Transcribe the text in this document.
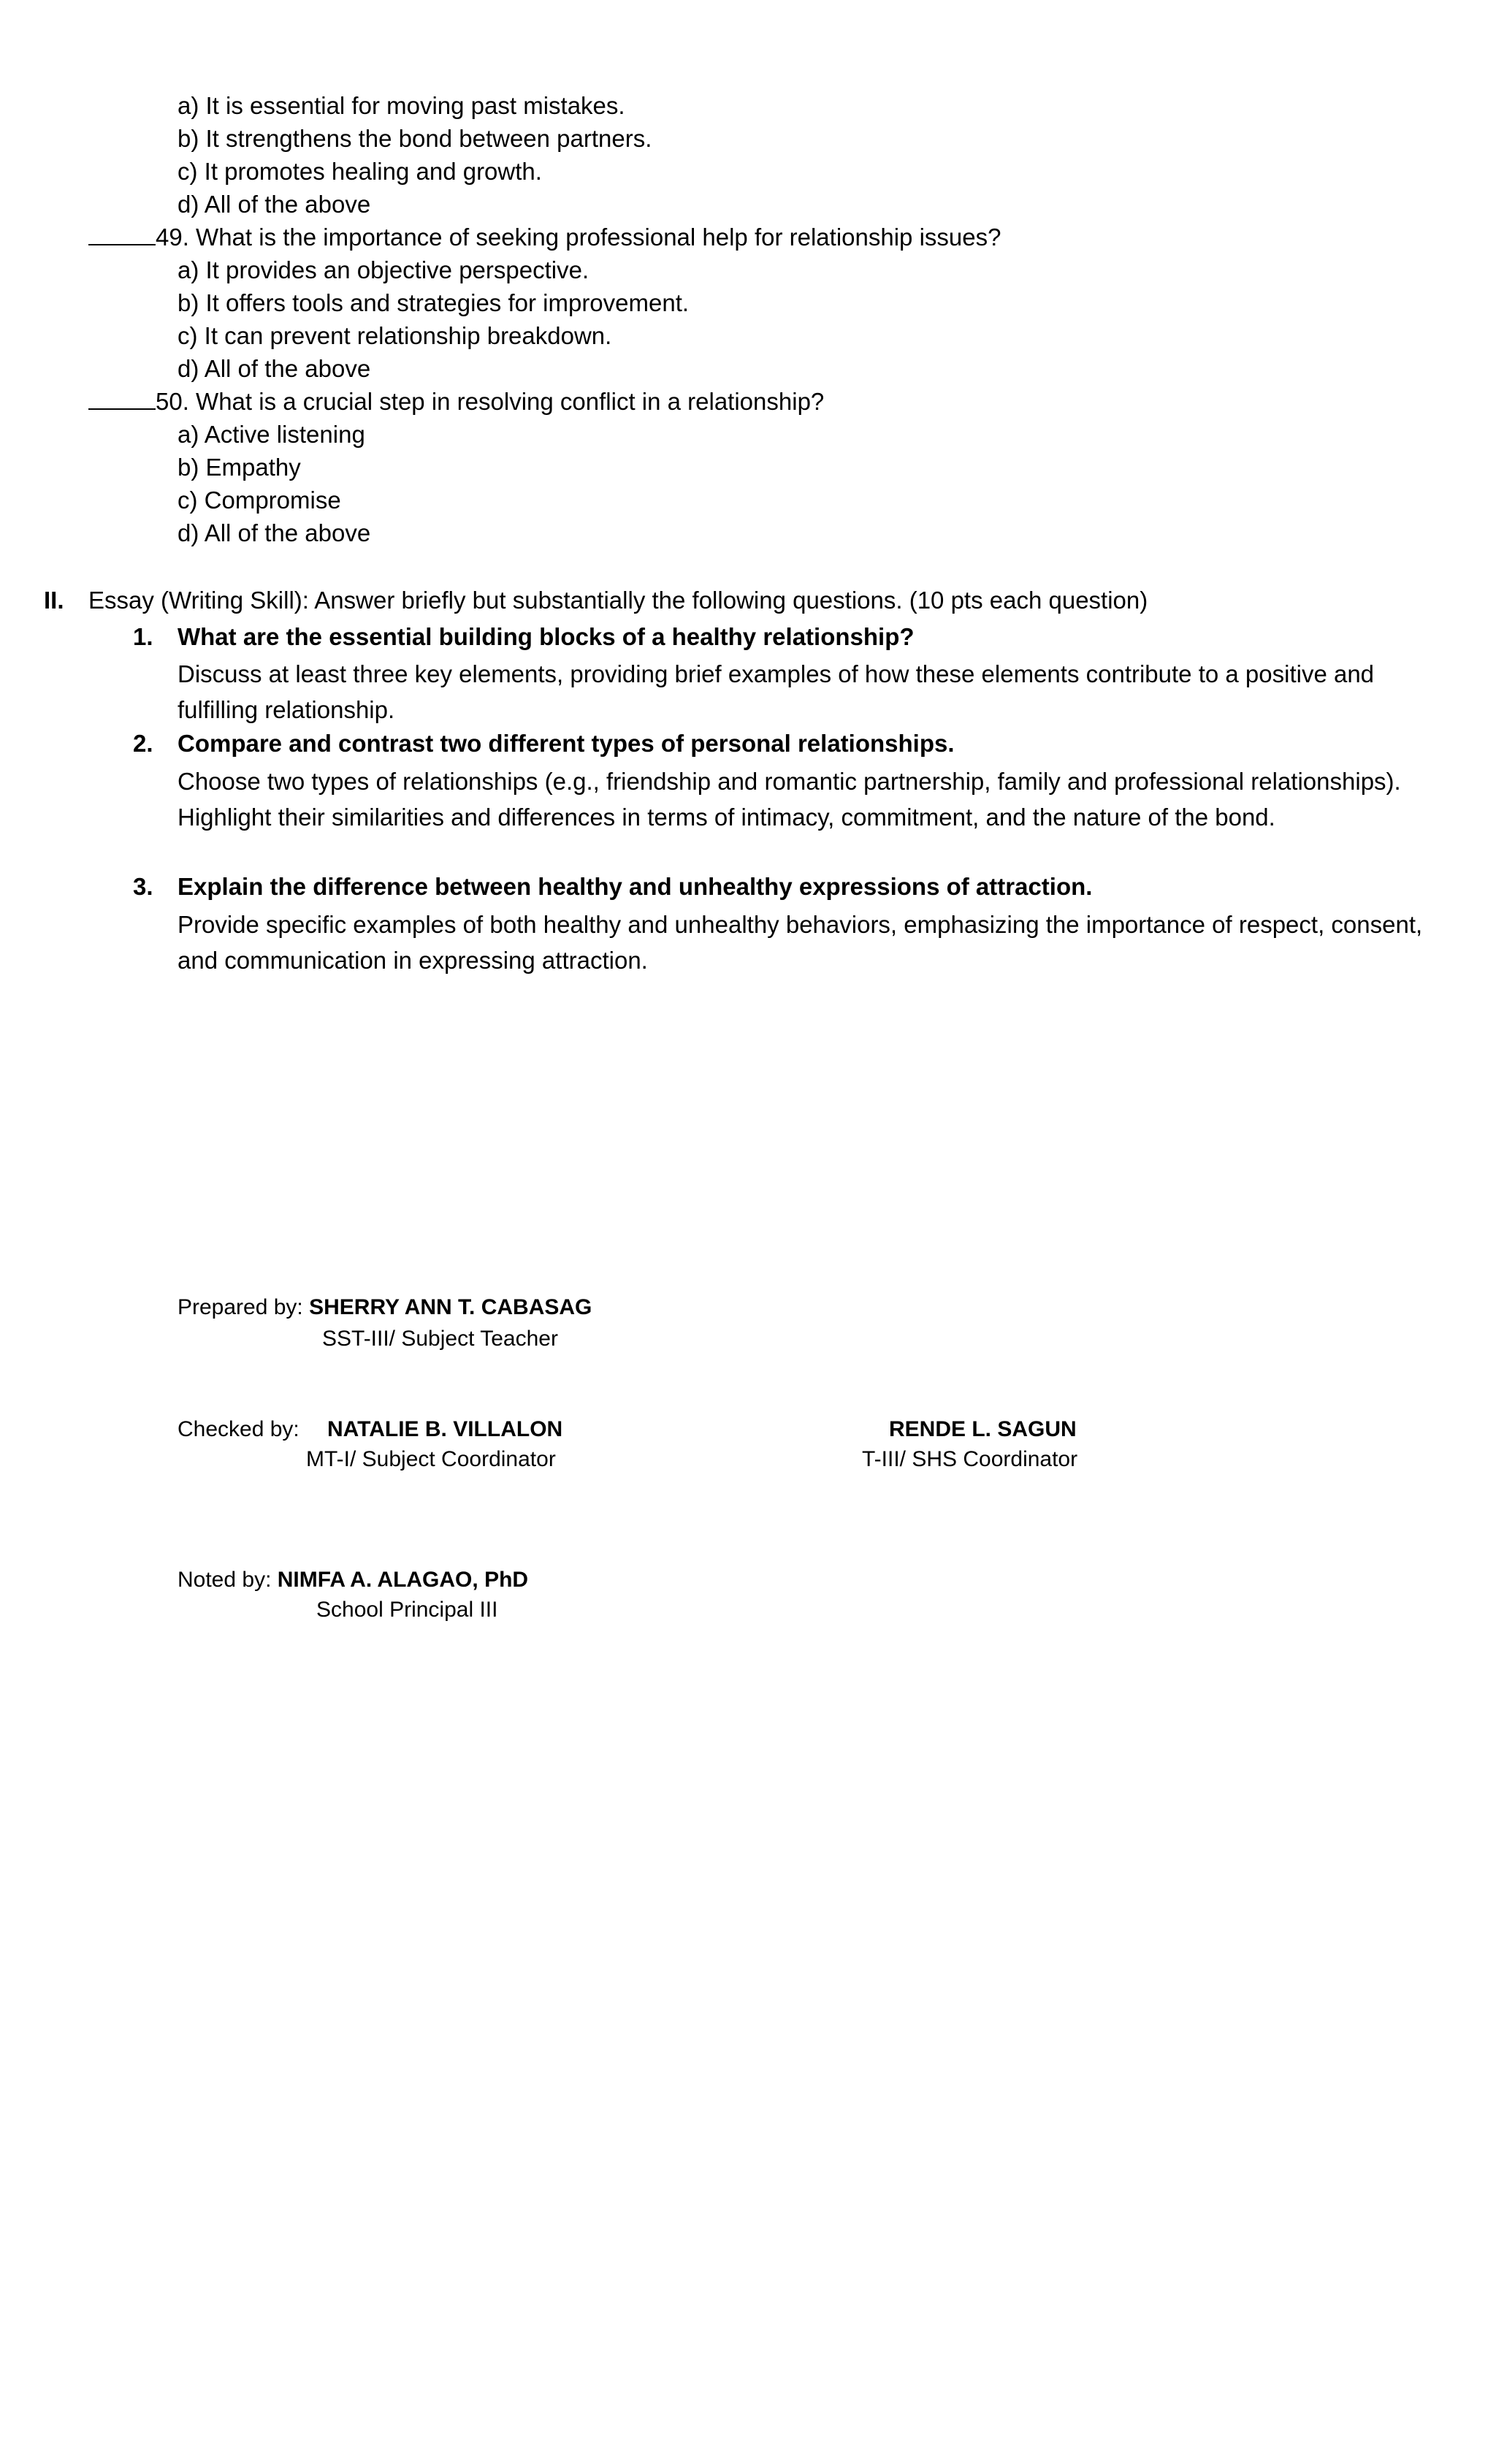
a) It is essential for moving past mistakes.
b) It strengthens the bond between partners.
c) It promotes healing and growth.
d) All of the above
49. What is the importance of seeking professional help for relationship issues?
a) It provides an objective perspective.
b) It offers tools and strategies for improvement.
c) It can prevent relationship breakdown.
d) All of the above
50. What is a crucial step in resolving conflict in a relationship?
a) Active listening
b) Empathy
c) Compromise
d) All of the above
II. Essay (Writing Skill): Answer briefly but substantially the following questions. (10 pts each question)
1. What are the essential building blocks of a healthy relationship?
Discuss at least three key elements, providing brief examples of how these elements contribute to a positive and fulfilling relationship.
2. Compare and contrast two different types of personal relationships.
Choose two types of relationships (e.g., friendship and romantic partnership, family and professional relationships). Highlight their similarities and differences in terms of intimacy, commitment, and the nature of the bond.
3. Explain the difference between healthy and unhealthy expressions of attraction.
Provide specific examples of both healthy and unhealthy behaviors, emphasizing the importance of respect, consent, and communication in expressing attraction.
Prepared by: SHERRY ANN T. CABASAG
SST-III/ Subject Teacher
Checked by: NATALIE B. VILLALON
MT-I/ Subject Coordinator
RENDE L. SAGUN
T-III/ SHS Coordinator
Noted by: NIMFA A. ALAGAO, PhD
School Principal III
